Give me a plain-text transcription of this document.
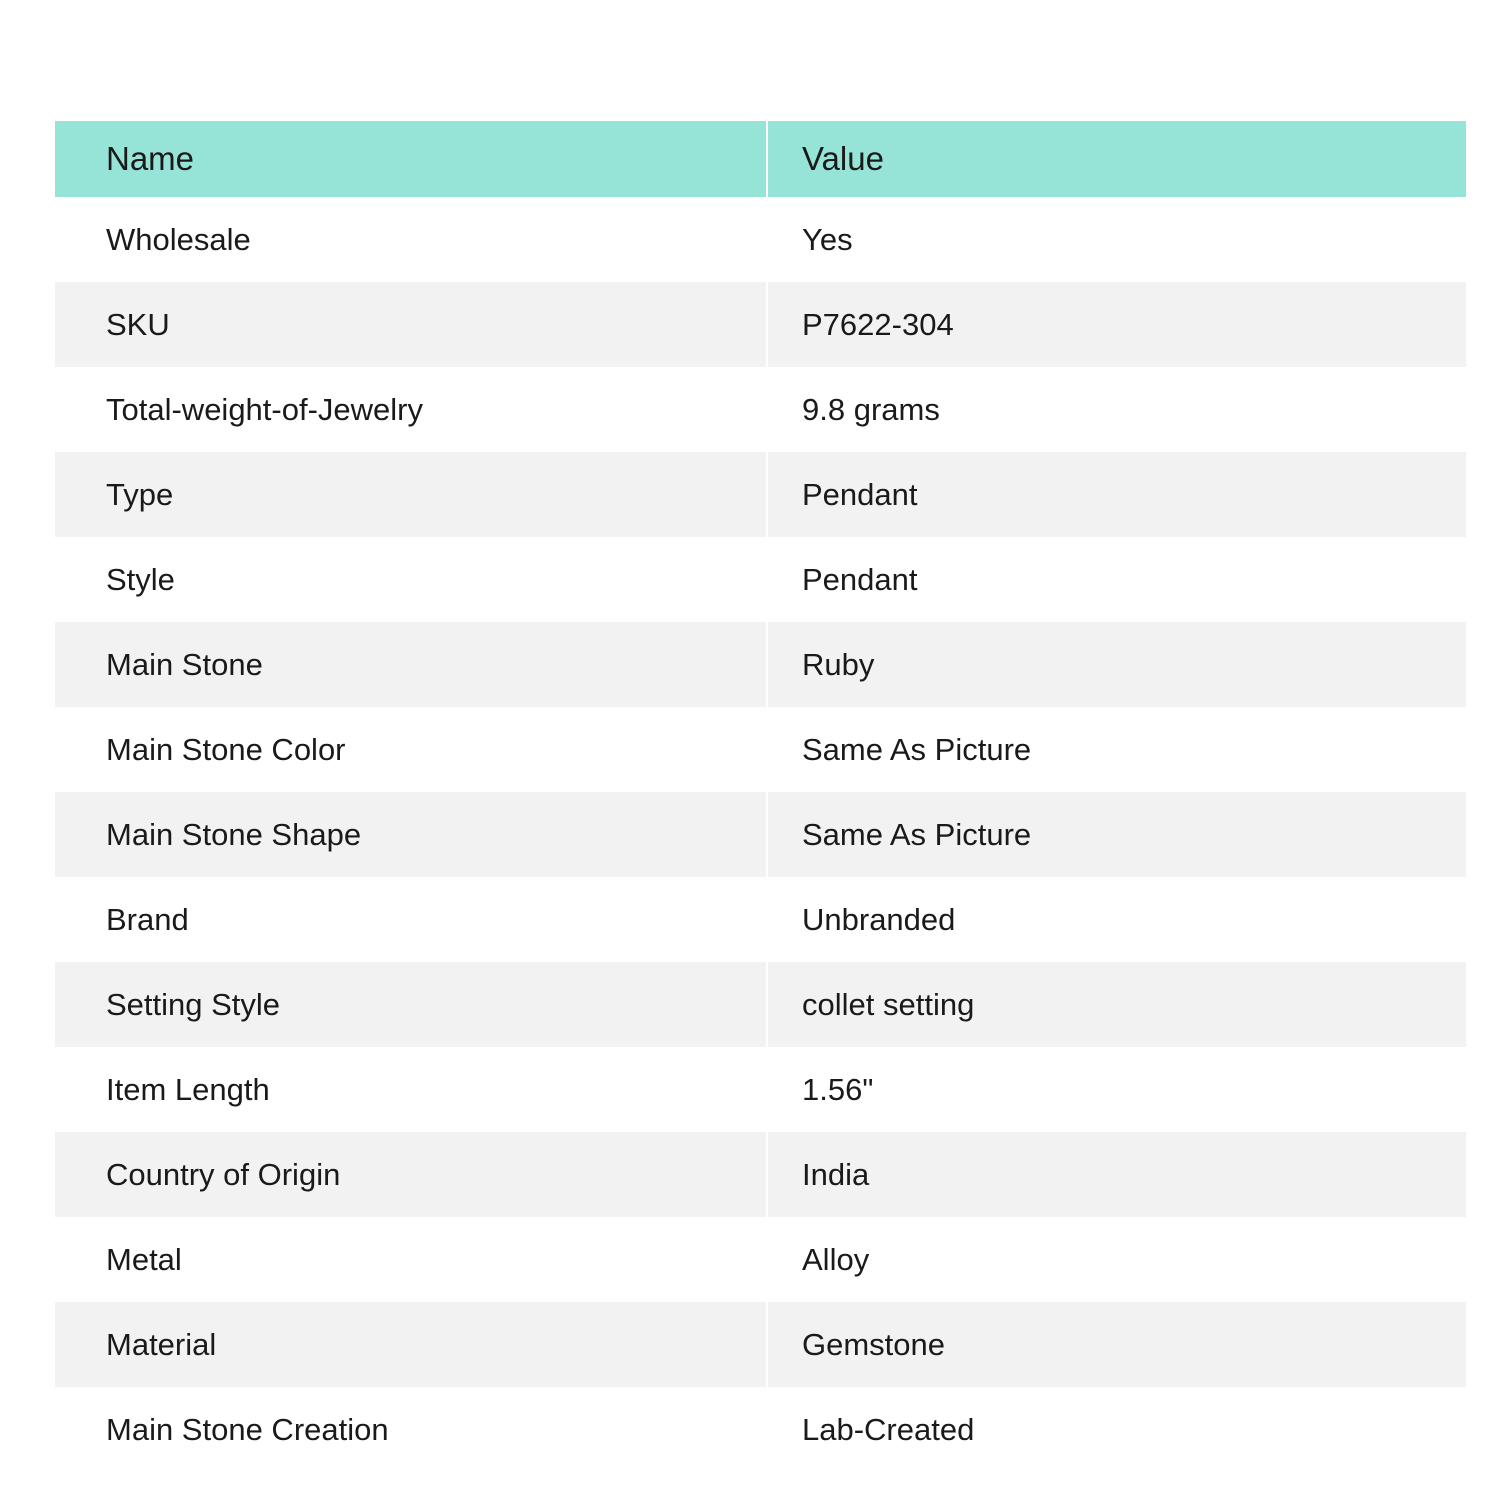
Name	Value
Wholesale	Yes
SKU	P7622-304
Total-weight-of-Jewelry	9.8 grams
Type	Pendant
Style	Pendant
Main Stone	Ruby
Main Stone Color	Same As Picture
Main Stone Shape	Same As Picture
Brand	Unbranded
Setting Style	collet setting
Item Length	1.56"
Country of Origin	India
Metal	Alloy
Material	Gemstone
Main Stone Creation	Lab-Created
